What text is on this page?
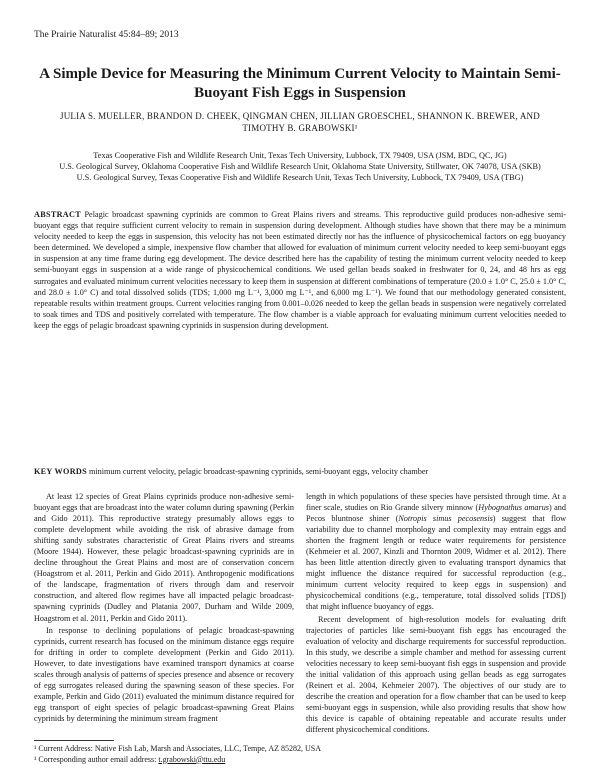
The Prairie Naturalist 45:84–89; 2013
A Simple Device for Measuring the Minimum Current Velocity to Maintain Semi-Buoyant Fish Eggs in Suspension
JULIA S. MUELLER, BRANDON D. CHEEK, QINGMAN CHEN, JILLIAN GROESCHEL, SHANNON K. BREWER, AND TIMOTHY B. GRABOWSKI¹

Texas Cooperative Fish and Wildlife Research Unit, Texas Tech University, Lubbock, TX 79409, USA (JSM, BDC, QC, JG)

U.S. Geological Survey, Oklahoma Cooperative Fish and Wildlife Research Unit, Oklahoma State University, Stillwater, OK 74078, USA (SKB)

U.S. Geological Survey, Texas Cooperative Fish and Wildlife Research Unit, Texas Tech University, Lubbock, TX 79409, USA (TBG)

ABSTRACT Pelagic broadcast spawning cyprinids are common to Great Plains rivers and streams. This reproductive guild produces non-adhesive semi-buoyant eggs that require sufficient current velocity to remain in suspension during development. Although studies have shown that there may be a minimum velocity needed to keep the eggs in suspension, this velocity has not been estimated directly nor has the influence of physicochemical factors on egg buoyancy been determined. We developed a simple, inexpensive flow chamber that allowed for evaluation of minimum current velocity needed to keep semi-buoyant eggs in suspension at any time frame during egg development. The device described here has the capability of testing the minimum current velocity needed to keep semi-buoyant eggs in suspension at a wide range of physicochemical conditions. We used gellan beads soaked in freshwater for 0, 24, and 48 hrs as egg surrogates and evaluated minimum current velocities necessary to keep them in suspension at different combinations of temperature (20.0 ± 1.0° C, 25.0 ± 1.0° C, and 28.0 ± 1.0° C) and total dissolved solids (TDS; 1,000 mg L⁻¹, 3,000 mg L⁻¹, and 6,000 mg L⁻¹). We found that our methodology generated consistent, repeatable results within treatment groups. Current velocities ranging from 0.001–0.026 needed to keep the gellan beads in suspension were negatively correlated to soak times and TDS and positively correlated with temperature. The flow chamber is a viable approach for evaluating minimum current velocities needed to keep the eggs of pelagic broadcast spawning cyprinids in suspension during development.
KEY WORDS minimum current velocity, pelagic broadcast-spawning cyprinids, semi-buoyant eggs, velocity chamber

At least 12 species of Great Plains cyprinids produce non-adhesive semi-buoyant eggs that are broadcast into the water column during spawning (Perkin and Gido 2011). This reproductive strategy presumably allows eggs to complete development while avoiding the risk of abrasive damage from shifting sandy substrates characteristic of Great Plains rivers and streams (Moore 1944). However, these pelagic broadcast-spawning cyprinids are in decline throughout the Great Plains and most are of conservation concern (Hoagstrom et al. 2011, Perkin and Gido 2011). Anthropogenic modifications of the landscape, fragmentation of rivers through dam and reservoir construction, and altered flow regimes have all impacted pelagic broadcast-spawning cyprinids (Dudley and Platania 2007, Durham and Wilde 2009, Hoagstrom et al. 2011, Perkin and Gido 2011).

In response to declining populations of pelagic broadcast-spawning cyprinids, current research has focused on the minimum distance eggs require for drifting in order to complete development (Perkin and Gido 2011). However, to date investigations have examined transport dynamics at coarse scales through analysis of patterns of species presence and absence or recovery of egg surrogates released during the spawning season of these species. For example, Perkin and Gido (2011) evaluated the minimum distance required for egg transport of eight species of pelagic broadcast-spawning Great Plains cyprinids by determining the minimum stream fragment

length in which populations of these species have persisted through time. At a finer scale, studies on Rio Grande silvery minnow (Hybognathus amarus) and Pecos bluntnose shiner (Notropis simus pecosensis) suggest that flow variability due to channel morphology and complexity may entrain eggs and shorten the fragment length or reduce water requirements for persistence (Kehmeier et al. 2007, Kinzli and Thornton 2009, Widmer et al. 2012). There has been little attention directly given to evaluating transport dynamics that might influence the distance required for successful reproduction (e.g., minimum current velocity required to keep eggs in suspension) and physicochemical conditions (e.g., temperature, total dissolved solids [TDS]) that might influence buoyancy of eggs.

Recent development of high-resolution models for evaluating drift trajectories of particles like semi-buoyant fish eggs has encouraged the evaluation of velocity and discharge requirements for successful reproduction. In this study, we describe a simple chamber and method for assessing current velocities necessary to keep semi-buoyant fish eggs in suspension and provide the initial validation of this approach using gellan beads as egg surrogates (Reinert et al. 2004, Kehmeier 2007). The objectives of our study are to describe the creation and operation for a flow chamber that can be used to keep semi-buoyant eggs in suspension, while also providing results that show how this device is capable of obtaining repeatable and accurate results under different physicochemical conditions.

¹ Current Address: Native Fish Lab, Marsh and Associates, LLC, Tempe, AZ 85282, USA
¹ Corresponding author email address: t.grabowski@ttu.edu
